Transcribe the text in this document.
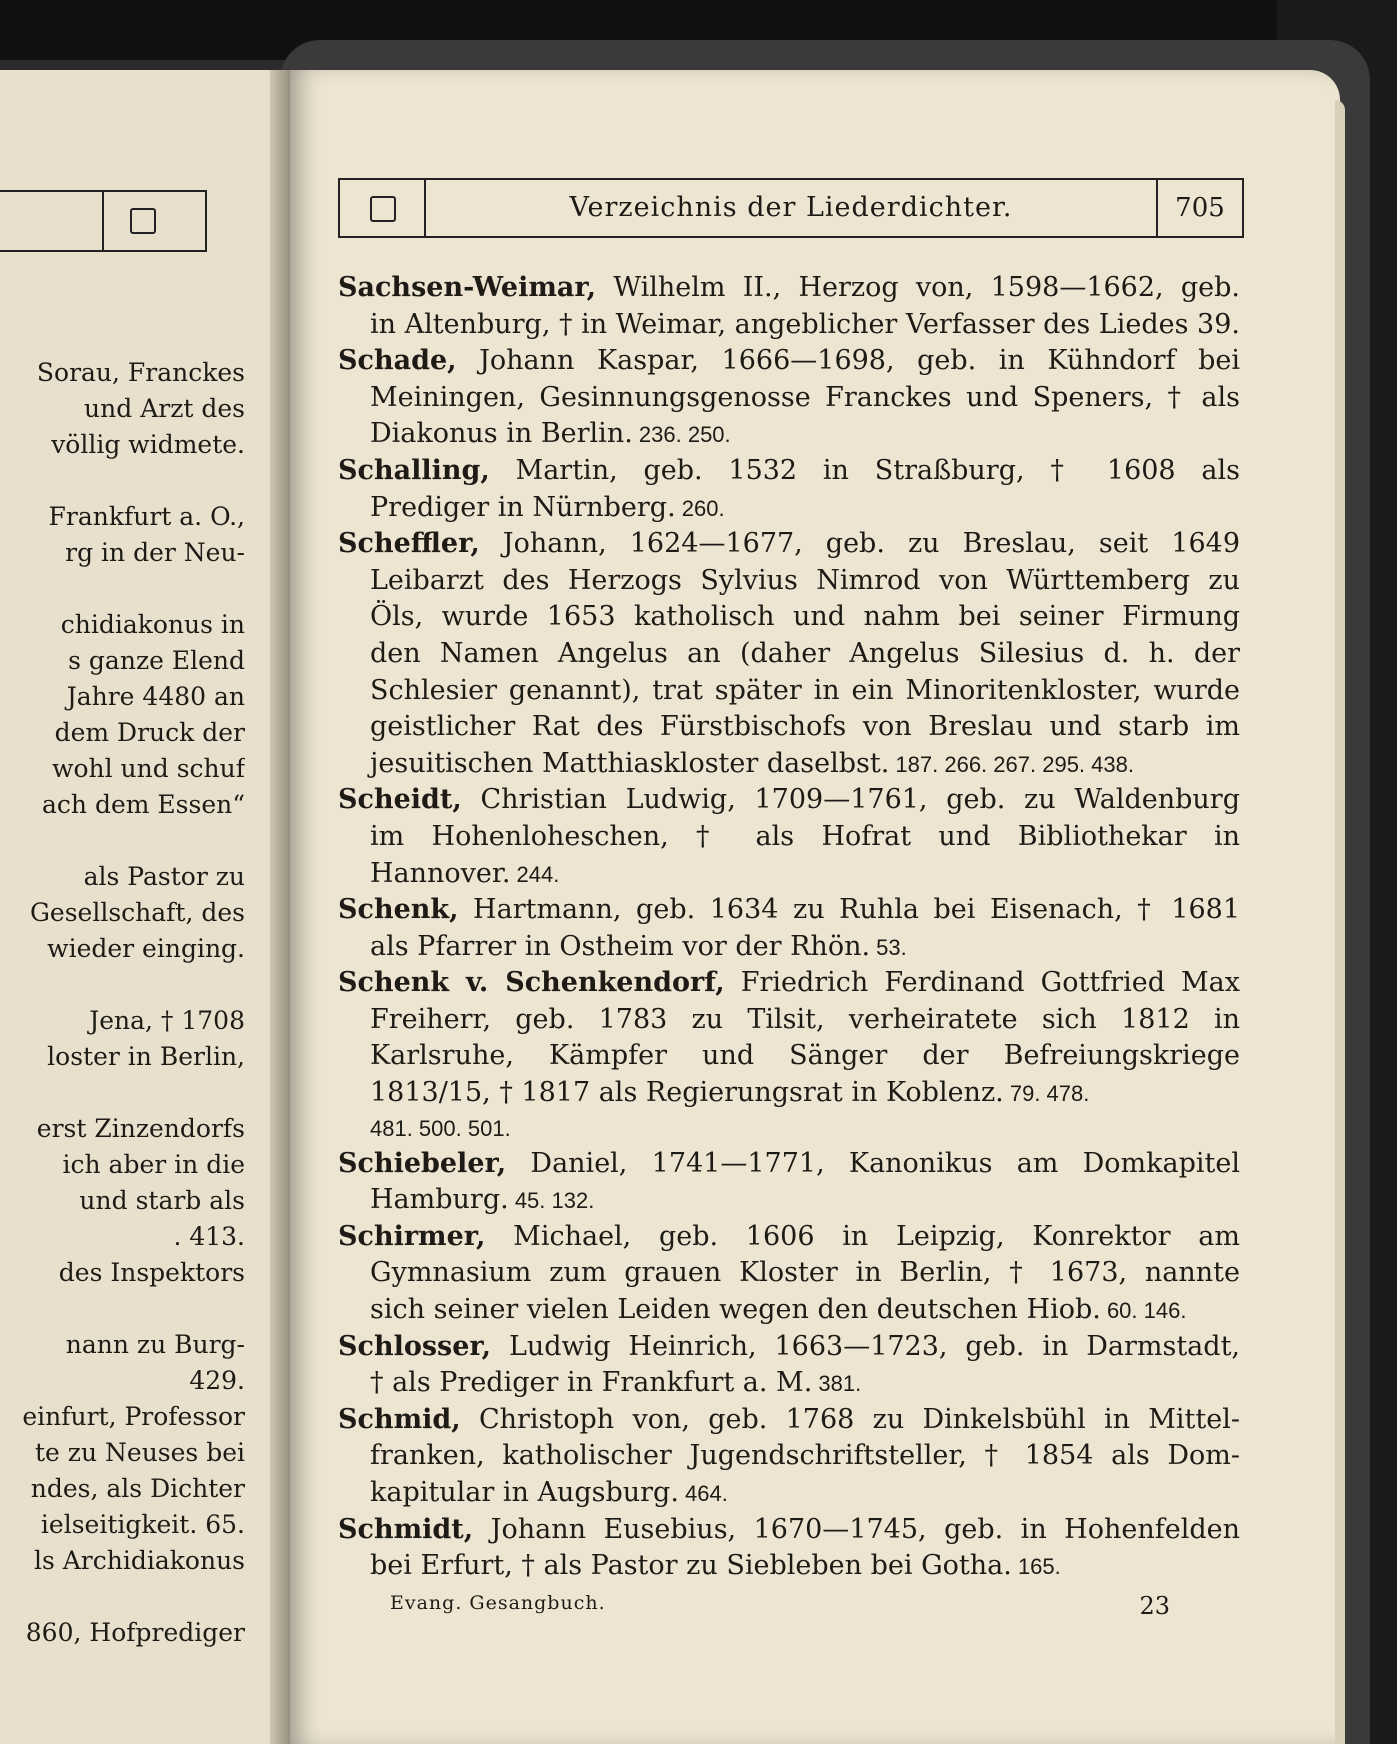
Sorau, Franckes
und Arzt des
völlig widmete.
Frankfurt a. O.,
rg in der Neu-
chidiakonus in
s ganze Elend
Jahre 4480 an
dem Druck der
wohl und schuf
ach dem Essen“
als Pastor zu
Gesellschaft, des
wieder einging.
Jena, † 1708
loster in Berlin,
erst Zinzendorfs
ich aber in die
und starb als
. 413.
des Inspektors
nann zu Burg-
429.
einfurt, Professor
te zu Neuses bei
ndes, als Dichter
ielseitigkeit. 65.
ls Archidiakonus
860, Hofprediger
Verzeichnis der Liederdichter.	705
Sachsen-Weimar, Wilhelm II., Herzog von, 1598—1662, geb.
in Altenburg, † in Weimar, angeblicher Verfasser des Liedes 39.
Schade, Johann Kaspar, 1666—1698, geb. in Kühndorf bei
Meiningen, Gesinnungsgenosse Franckes und Speners, † als
Diakonus in Berlin. 236. 250.
Schalling, Martin, geb. 1532 in Straßburg, † 1608 als
Prediger in Nürnberg. 260.
Scheffler, Johann, 1624—1677, geb. zu Breslau, seit 1649
Leibarzt des Herzogs Sylvius Nimrod von Württemberg zu
Öls, wurde 1653 katholisch und nahm bei seiner Firmung
den Namen Angelus an (daher Angelus Silesius d. h. der
Schlesier genannt), trat später in ein Minoritenkloster, wurde
geistlicher Rat des Fürstbischofs von Breslau und starb im
jesuitischen Matthiaskloster daselbst. 187. 266. 267. 295. 438.
Scheidt, Christian Ludwig, 1709—1761, geb. zu Waldenburg
im Hohenloheschen, † als Hofrat und Bibliothekar in
Hannover. 244.
Schenk, Hartmann, geb. 1634 zu Ruhla bei Eisenach, † 1681
als Pfarrer in Ostheim vor der Rhön. 53.
Schenk v. Schenkendorf, Friedrich Ferdinand Gottfried Max
Freiherr, geb. 1783 zu Tilsit, verheiratete sich 1812 in
Karlsruhe, Kämpfer und Sänger der Befreiungskriege
1813/15, † 1817 als Regierungsrat in Koblenz. 79. 478.
481. 500. 501.
Schiebeler, Daniel, 1741—1771, Kanonikus am Domkapitel
Hamburg. 45. 132.
Schirmer, Michael, geb. 1606 in Leipzig, Konrektor am
Gymnasium zum grauen Kloster in Berlin, † 1673, nannte
sich seiner vielen Leiden wegen den deutschen Hiob. 60. 146.
Schlosser, Ludwig Heinrich, 1663—1723, geb. in Darmstadt,
† als Prediger in Frankfurt a. M. 381.
Schmid, Christoph von, geb. 1768 zu Dinkelsbühl in Mittel-
franken, katholischer Jugendschriftsteller, † 1854 als Dom-
kapitular in Augsburg. 464.
Schmidt, Johann Eusebius, 1670—1745, geb. in Hohenfelden
bei Erfurt, † als Pastor zu Siebleben bei Gotha. 165.
Evang. Gesangbuch.	23
